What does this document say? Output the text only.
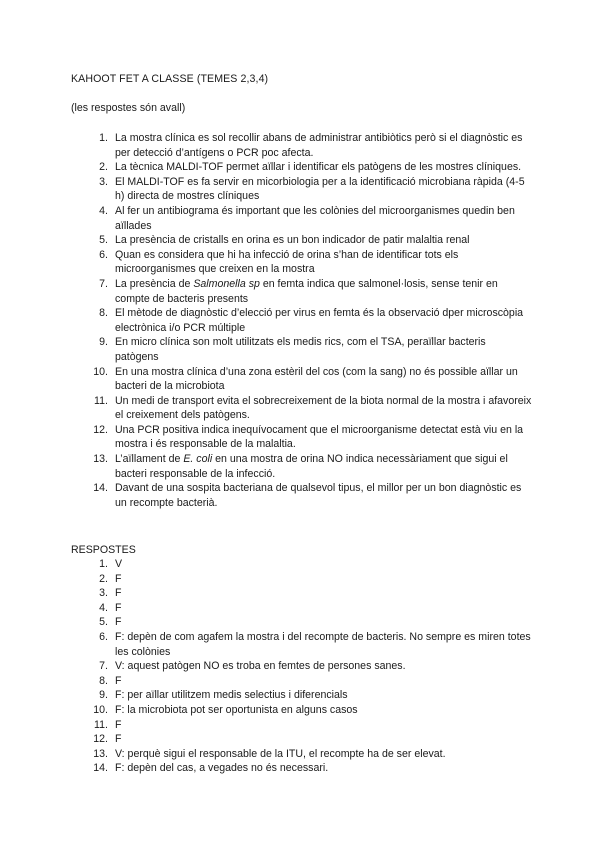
KAHOOT FET A CLASSE (TEMES 2,3,4)
(les respostes són avall)
1. La mostra clínica es sol recollir abans de administrar antibiòtics però si el diagnòstic es per detecció d’antígens o PCR poc afecta.
2. La tècnica MALDI-TOF permet aïllar i identificar els patògens de les mostres clíniques.
3. El MALDI-TOF es fa servir en micorbiologia per a la identificació microbiana ràpida (4-5 h) directa de mostres clíniques
4. Al fer un antibiograma és important que les colònies del microorganismes quedin ben aïllades
5. La presència de cristalls en orina es un bon indicador de patir malaltia renal
6. Quan es considera que hi ha infecció de orina s’han de identificar tots els microorganismes que creixen en la mostra
7. La presència de Salmonella sp en femta indica que salmonel·losis, sense tenir en compte de bacteris presents
8. El mètode de diagnòstic d’elecció per virus en femta és la observació dper microscòpia electrònica i/o PCR múltiple
9. En micro clínica son molt utilitzats els medis rics, com el TSA, peraïllar bacteris patògens
10. En una mostra clínica d’una zona estèril del cos (com la sang) no és possible aïllar un bacteri de la microbiota
11. Un medi de transport evita el sobrecreixement de la biota normal de la mostra i afavoreix el creixement dels patògens.
12. Una PCR positiva indica inequívocament que el microorganisme detectat està viu en la mostra i és responsable de la malaltia.
13. L’aïllament de E. coli en una mostra de orina NO indica necessàriament que sigui el bacteri responsable de la infecció.
14. Davant de una sospita bacteriana de qualsevol tipus, el millor per un bon diagnòstic es un recompte bacterià.
RESPOSTES
1. V
2. F
3. F
4. F
5. F
6. F: depèn de com agafem la mostra i del recompte de bacteris. No sempre es miren totes les colònies
7. V: aquest patògen NO es troba en femtes de persones sanes.
8. F
9. F: per aïllar utilitzem medis selectius i diferencials
10. F: la microbiota pot ser oportunista en alguns casos
11. F
12. F
13. V: perquè sigui el responsable de la ITU, el recompte ha de ser elevat.
14. F: depèn del cas, a vegades no és necessari.
